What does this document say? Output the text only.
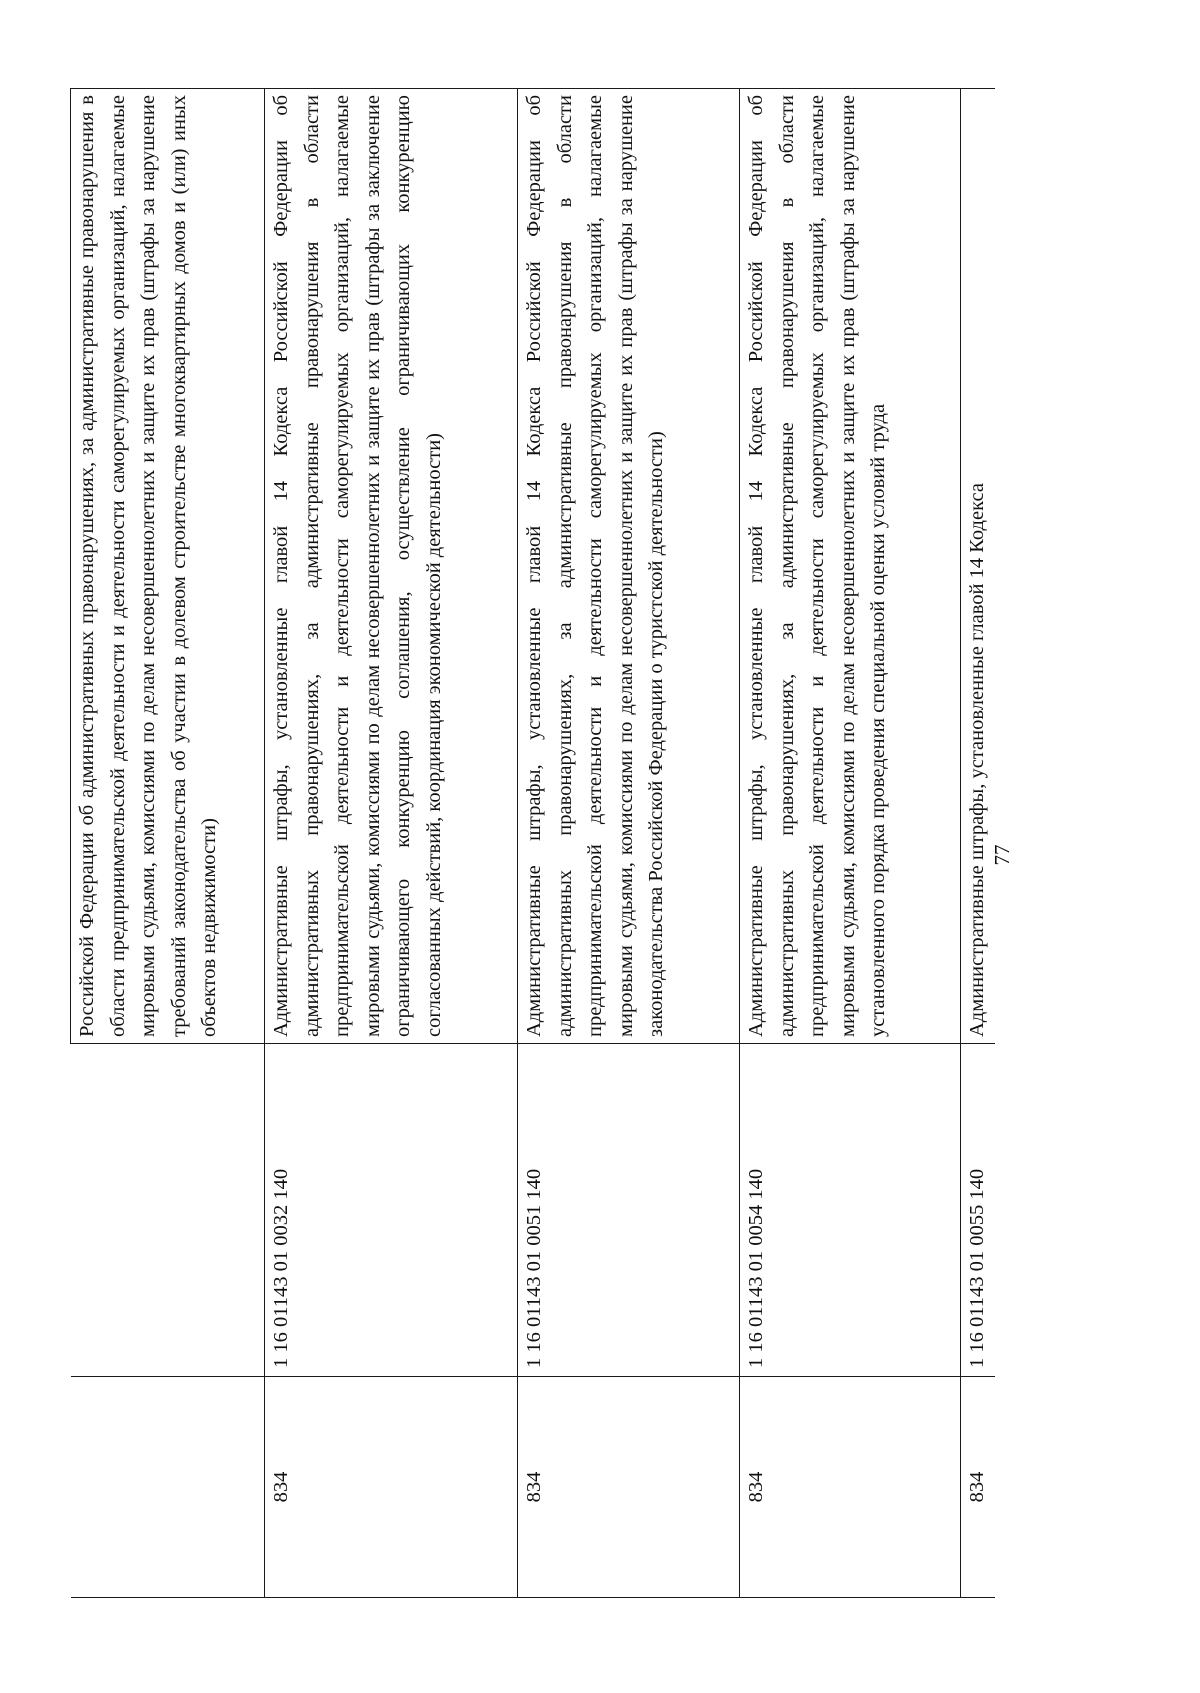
		Российской Федерации об административных правонарушениях, за административные правонарушения в области предпринимательской деятельности и деятельности саморегулируемых организаций, налагаемые мировыми судьями, комиссиями по делам несовершеннолетних и защите их прав (штрафы за нарушение требований законодательства об участии в долевом строительстве многоквартирных домов и (или) иных объектов недвижимости)
834	1 16 01143 01 0032 140	Административные штрафы, установленные главой 14 Кодекса Российской Федерации об административных правонарушениях, за административные правонарушения в области предпринимательской деятельности и деятельности саморегулируемых организаций, налагаемые мировыми судьями, комиссиями по делам несовершеннолетних и защите их прав (штрафы за заключение ограничивающего конкуренцию соглашения, осуществление ограничивающих конкуренцию согласованных действий, координация экономической деятельности)
834	1 16 01143 01 0051 140	Административные штрафы, установленные главой 14 Кодекса Российской Федерации об административных правонарушениях, за административные правонарушения в области предпринимательской деятельности и деятельности саморегулируемых организаций, налагаемые мировыми судьями, комиссиями по делам несовершеннолетних и защите их прав (штрафы за нарушение законодательства Российской Федерации о туристской деятельности)
834	1 16 01143 01 0054 140	Административные штрафы, установленные главой 14 Кодекса Российской Федерации об административных правонарушениях, за административные правонарушения в области предпринимательской деятельности и деятельности саморегулируемых организаций, налагаемые мировыми судьями, комиссиями по делам несовершеннолетних и защите их прав (штрафы за нарушение установленного порядка проведения специальной оценки условий труда
834	1 16 01143 01 0055 140	Административные штрафы, установленные главой 14 Кодекса 77
